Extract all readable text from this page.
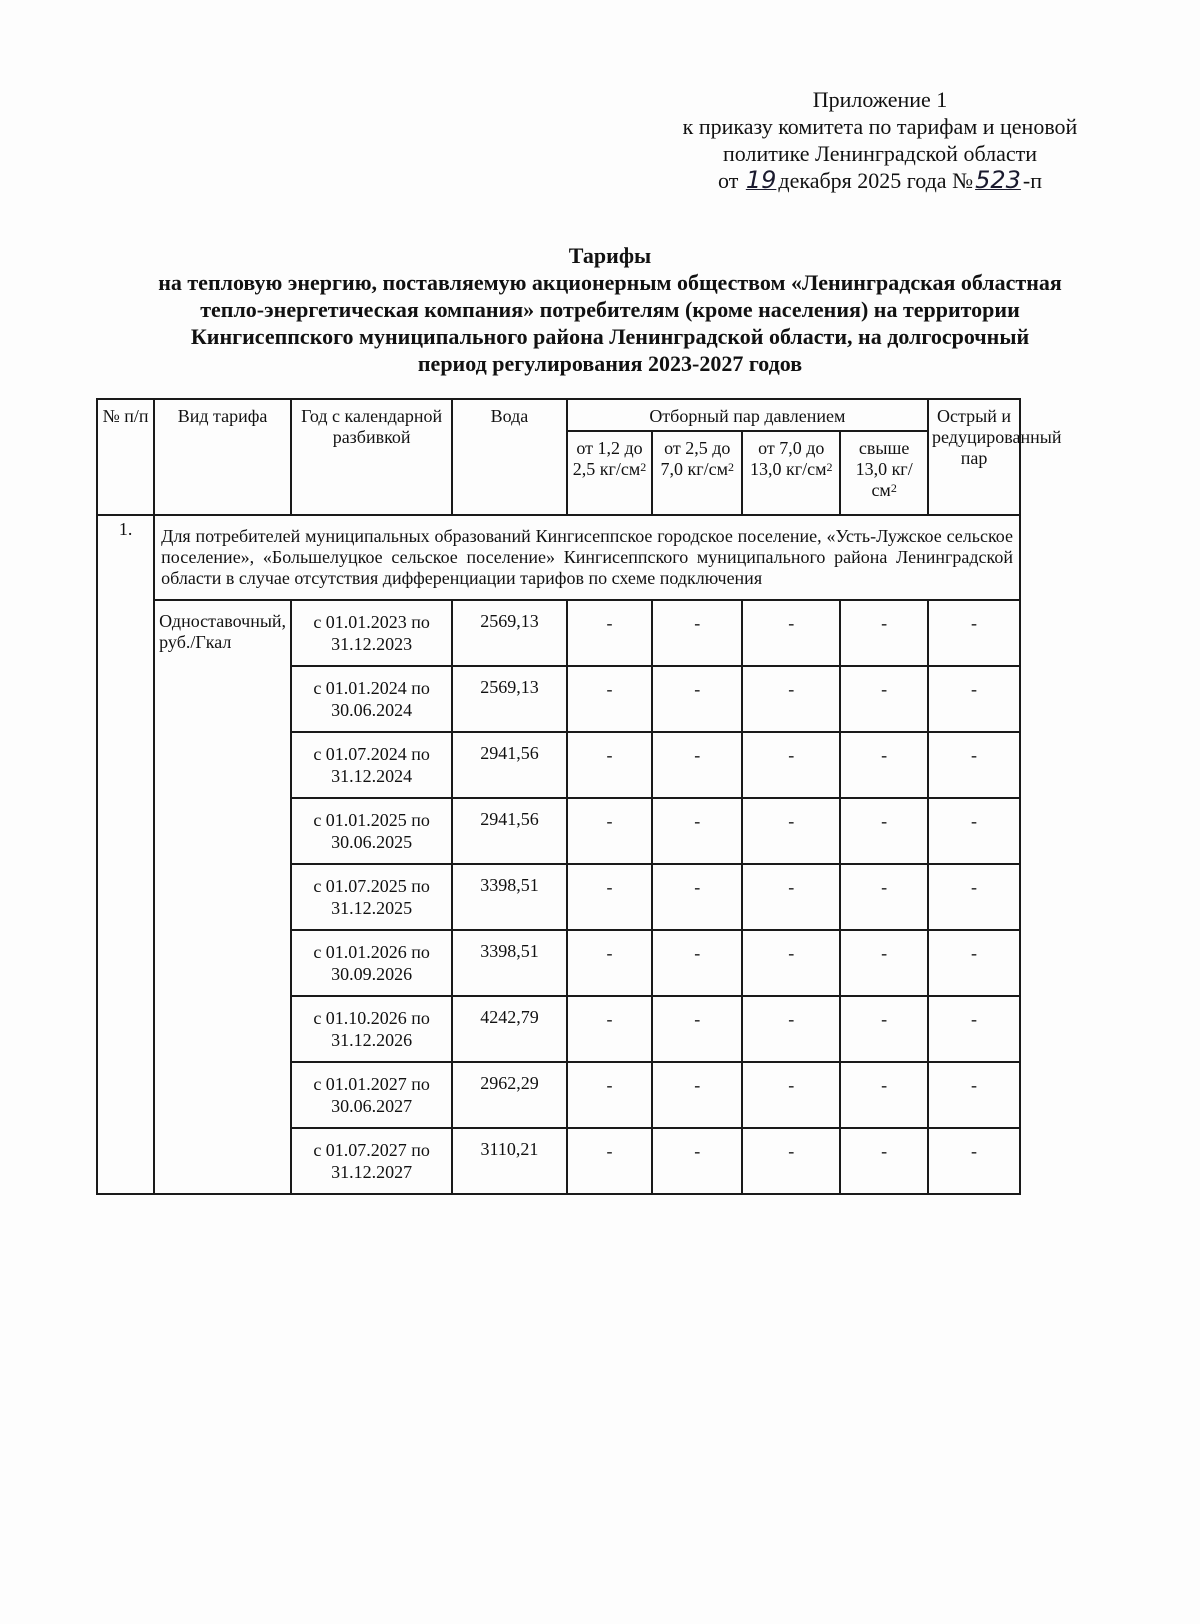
Приложение 1
к приказу комитета по тарифам и ценовой
политике Ленинградской области
от 19декабря 2025 года №523-п
Тарифы
на тепловую энергию, поставляемую акционерным обществом «Ленинградская областная
тепло-энергетическая компания» потребителям (кроме населения) на территории
Кингисеппского муниципального района Ленинградской области, на долгосрочный
период регулирования 2023-2027 годов
№ п/п	Вид тарифа	Год с календарной разбивкой	Вода	Отборный пар давлением				Острый и редуцированный пар
				от 1,2 до 2,5 $кг/см^2$	от 2,5 до 7,0 $кг/см^2$	от 7,0 до 13,0 $кг/см^2$	свыше 13,0 $кг/см^2$
1.	Для потребителей муниципальных образований Кингисеппское городское поселение, «Усть-Лужское сельское поселение», «Большелуцкое сельское поселение» Кингисеппского муниципального района Ленинградской области в случае отсутствия дифференциации тарифов по схеме подключения							
	Одноставочный, руб./Гкал	с 01.01.2023 по 31.12.2023	2569,13	-	-	-	-	-
		с 01.01.2024 по 30.06.2024	2569,13	-	-	-	-	-
		с 01.07.2024 по 31.12.2024	2941,56	-	-	-	-	-
		с 01.01.2025 по 30.06.2025	2941,56	-	-	-	-	-
		с 01.07.2025 по 31.12.2025	3398,51	-	-	-	-	-
		с 01.01.2026 по 30.09.2026	3398,51	-	-	-	-	-
		с 01.10.2026 по 31.12.2026	4242,79	-	-	-	-	-
		с 01.01.2027 по 30.06.2027	2962,29	-	-	-	-	-
		с 01.07.2027 по 31.12.2027	3110,21	-	-	-	-	-
